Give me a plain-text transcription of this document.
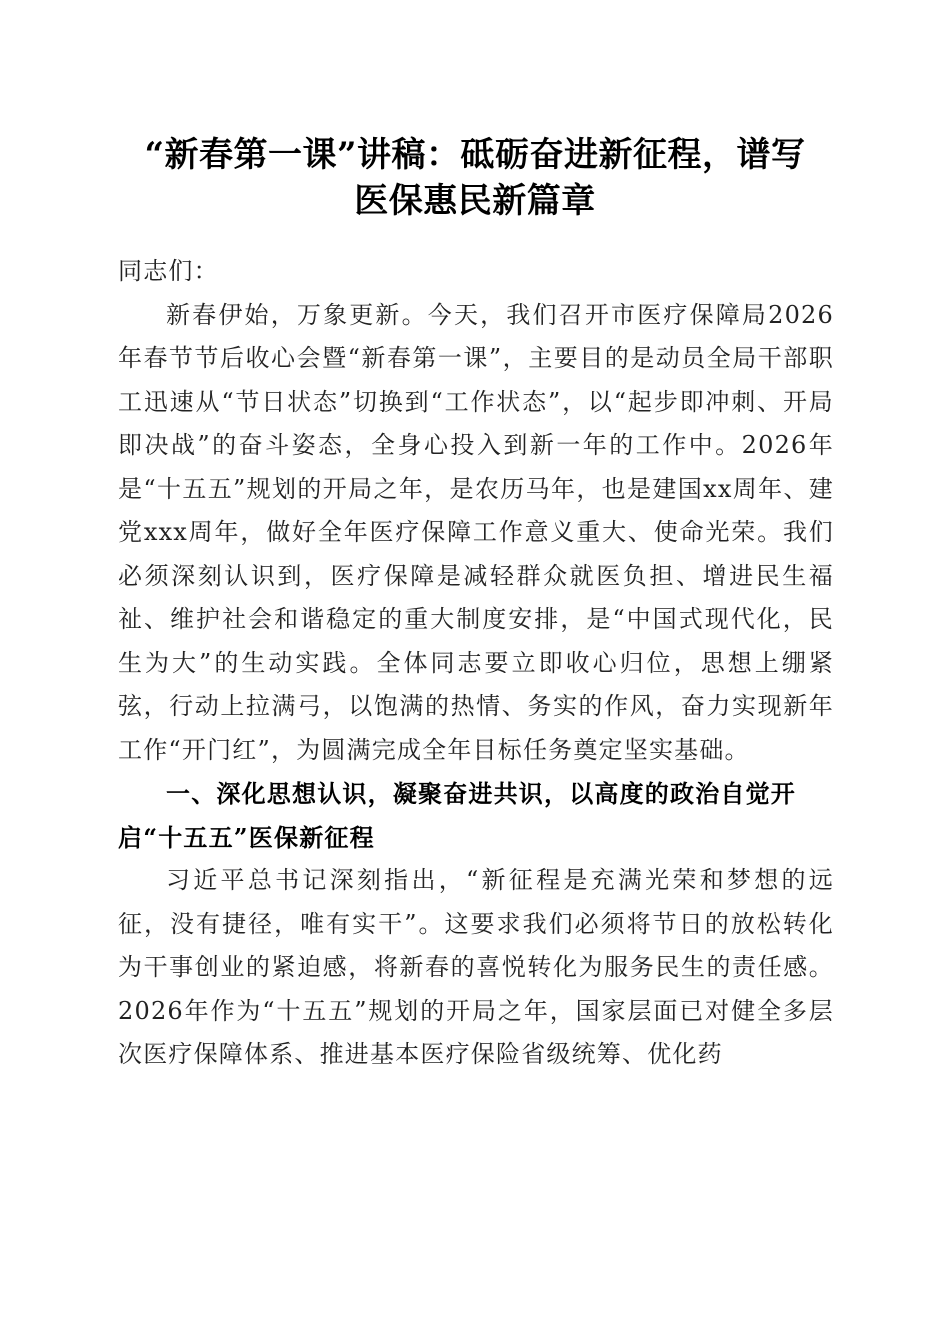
“新春第一课”讲稿：砥砺奋进新征程，谱写
医保惠民新篇章

同志们：

新春伊始，万象更新。今天，我们召开市医疗保障局2026年春节节后收心会暨“新春第一课”，主要目的是动员全局干部职工迅速从“节日状态”切换到“工作状态”，以“起步即冲刺、开局即决战”的奋斗姿态，全身心投入到新一年的工作中。2026年是“十五五”规划的开局之年，是农历马年，也是建国xx周年、建党xxx周年，做好全年医疗保障工作意义重大、使命光荣。我们必须深刻认识到，医疗保障是减轻群众就医负担、增进民生福祉、维护社会和谐稳定的重大制度安排，是“中国式现代化，民生为大”的生动实践。全体同志要立即收心归位，思想上绷紧弦，行动上拉满弓，以饱满的热情、务实的作风，奋力实现新年工作“开门红”，为圆满完成全年目标任务奠定坚实基础。

一、深化思想认识，凝聚奋进共识，以高度的政治自觉开启“十五五”医保新征程

习近平总书记深刻指出，“新征程是充满光荣和梦想的远征，没有捷径，唯有实干”。这要求我们必须将节日的放松转化为干事创业的紧迫感，将新春的喜悦转化为服务民生的责任感。2026年作为“十五五”规划的开局之年，国家层面已对健全多层次医疗保障体系、推进基本医疗保险省级统筹、优化药
